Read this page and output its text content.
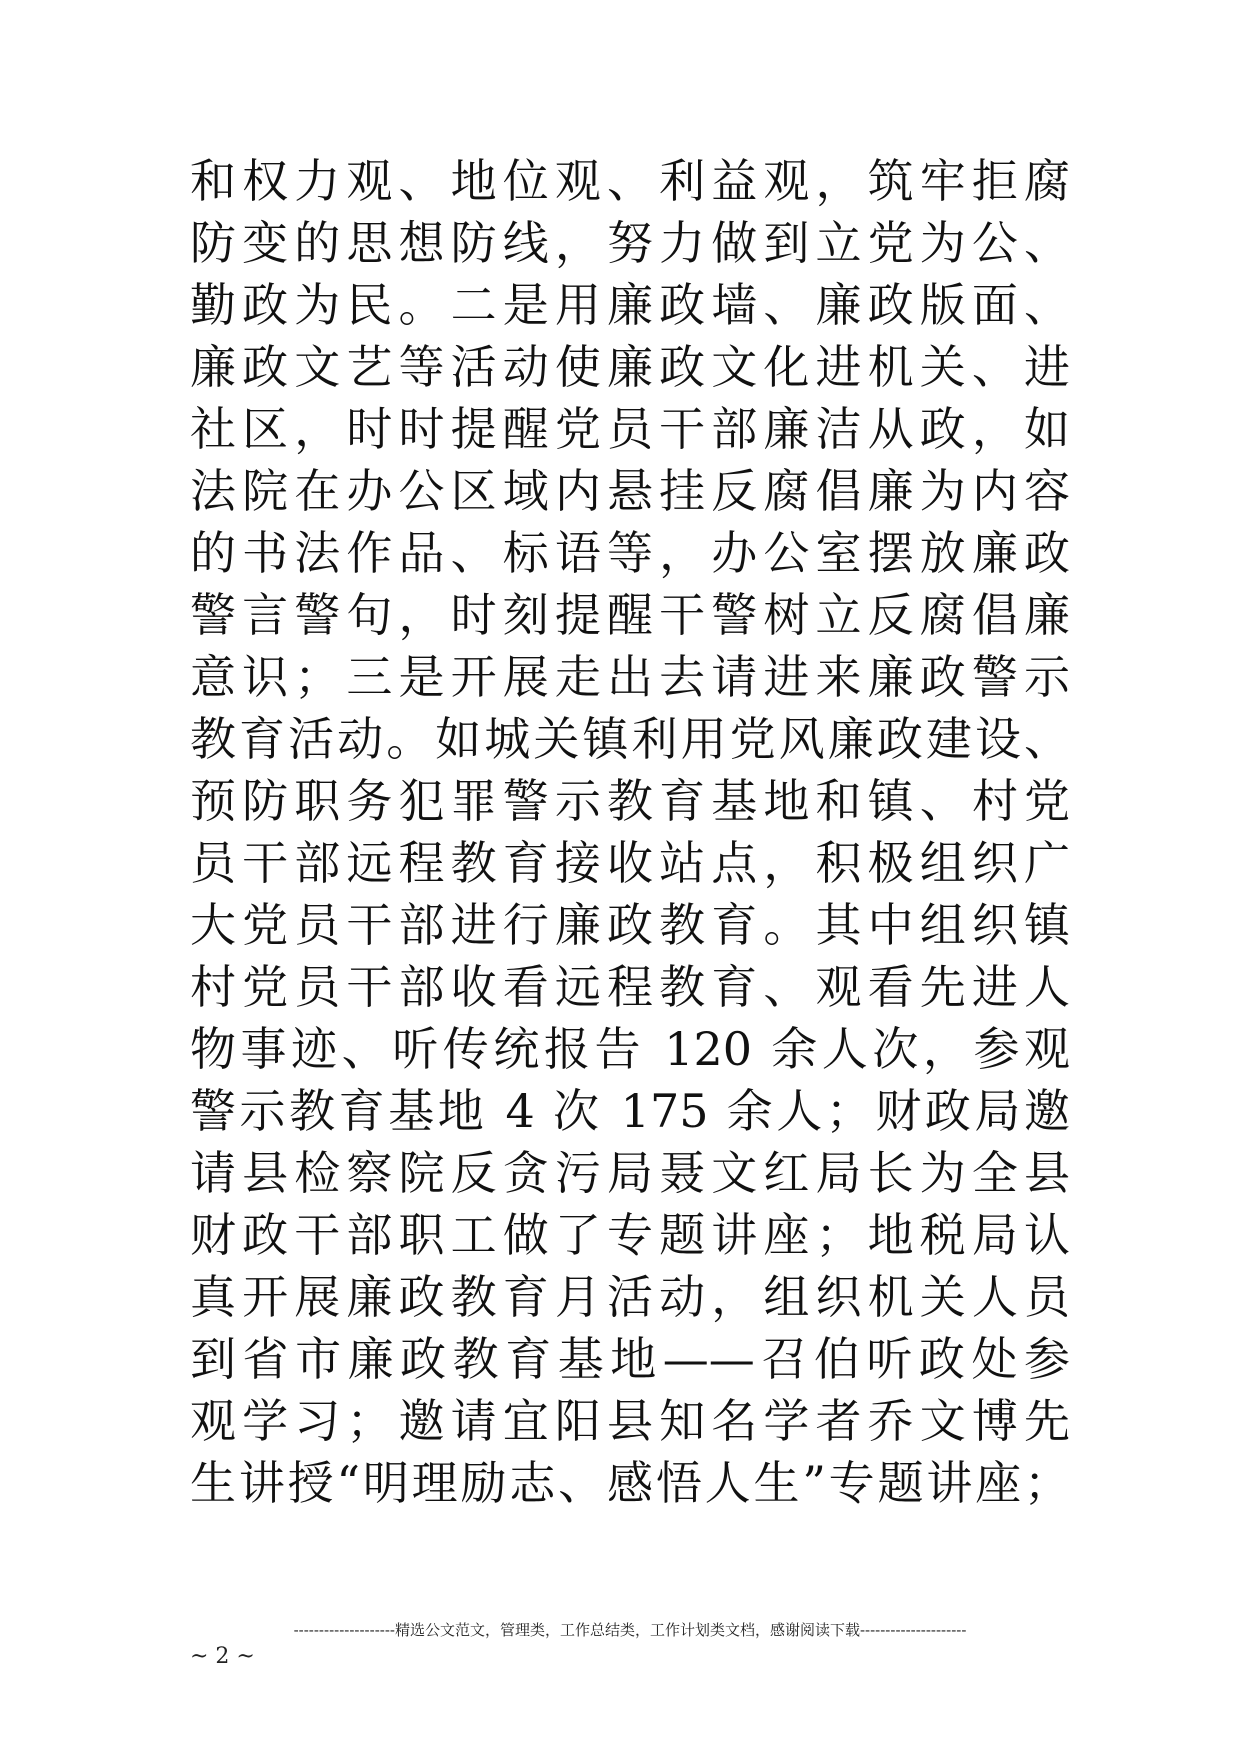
和权力观、地位观、利益观，筑牢拒腐
防变的思想防线，努力做到立党为公、
勤政为民。二是用廉政墙、廉政版面、
廉政文艺等活动使廉政文化进机关、进
社区，时时提醒党员干部廉洁从政，如
法院在办公区域内悬挂反腐倡廉为内容
的书法作品、标语等，办公室摆放廉政
警言警句，时刻提醒干警树立反腐倡廉
意识；三是开展走出去请进来廉政警示
教育活动。如城关镇利用党风廉政建设、
预防职务犯罪警示教育基地和镇、村党
员干部远程教育接收站点，积极组织广
大党员干部进行廉政教育。其中组织镇
村党员干部收看远程教育、观看先进人
物事迹、听传统报告 120 余人次，参观
警示教育基地 4 次 175 余人；财政局邀
请县检察院反贪污局聂文红局长为全县
财政干部职工做了专题讲座；地税局认
真开展廉政教育月活动，组织机关人员
到省市廉政教育基地——召伯听政处参
观学习；邀请宜阳县知名学者乔文博先
生讲授“明理励志、感悟人生”专题讲座；
--------------------精选公文范文，管理类，工作总结类，工作计划类文档，感谢阅读下载---------------------
~ 2 ~
